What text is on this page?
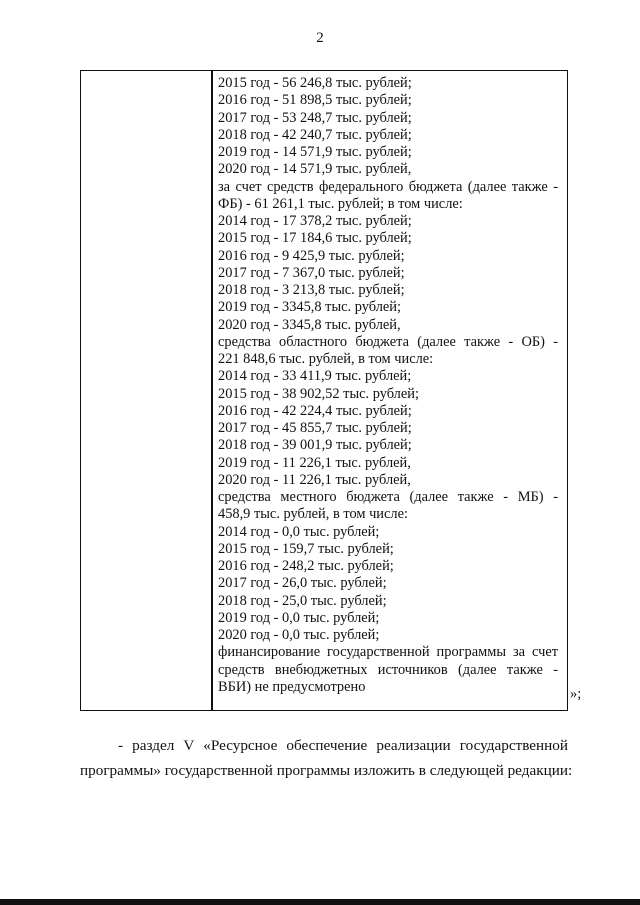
2
2015 год - 56 246,8 тыс. рублей;
2016 год - 51 898,5 тыс. рублей;
2017 год - 53 248,7 тыс. рублей;
2018 год - 42 240,7 тыс. рублей;
2019 год - 14 571,9 тыс. рублей;
2020 год - 14 571,9 тыс. рублей,
за счет средств федерального бюджета (далее также -
ФБ) - 61 261,1 тыс. рублей; в том числе:
2014 год - 17 378,2 тыс. рублей;
2015 год - 17 184,6 тыс. рублей;
2016 год - 9 425,9 тыс. рублей;
2017 год - 7 367,0 тыс. рублей;
2018 год - 3 213,8 тыс. рублей;
2019 год - 3345,8 тыс. рублей;
2020 год - 3345,8 тыс. рублей,
средства областного бюджета (далее также - ОБ) -
221 848,6 тыс. рублей, в том числе:
2014 год - 33 411,9 тыс. рублей;
2015 год - 38 902,52 тыс. рублей;
2016 год - 42 224,4 тыс. рублей;
2017 год - 45 855,7 тыс. рублей;
2018 год - 39 001,9 тыс. рублей;
2019 год - 11 226,1 тыс. рублей,
2020 год - 11 226,1 тыс. рублей,
средства местного бюджета (далее также - МБ) -
458,9 тыс. рублей, в том числе:
2014 год - 0,0 тыс. рублей;
2015 год - 159,7 тыс. рублей;
2016 год - 248,2 тыс. рублей;
2017 год - 26,0 тыс. рублей;
2018 год - 25,0 тыс. рублей;
2019 год - 0,0 тыс. рублей;
2020 год - 0,0 тыс. рублей;
финансирование государственной программы за счет
средств внебюджетных источников (далее также -
ВБИ) не предусмотрено	»;
- раздел V «Ресурсное обеспечение реализации государственной
программы» государственной программы изложить в следующей редакции:
